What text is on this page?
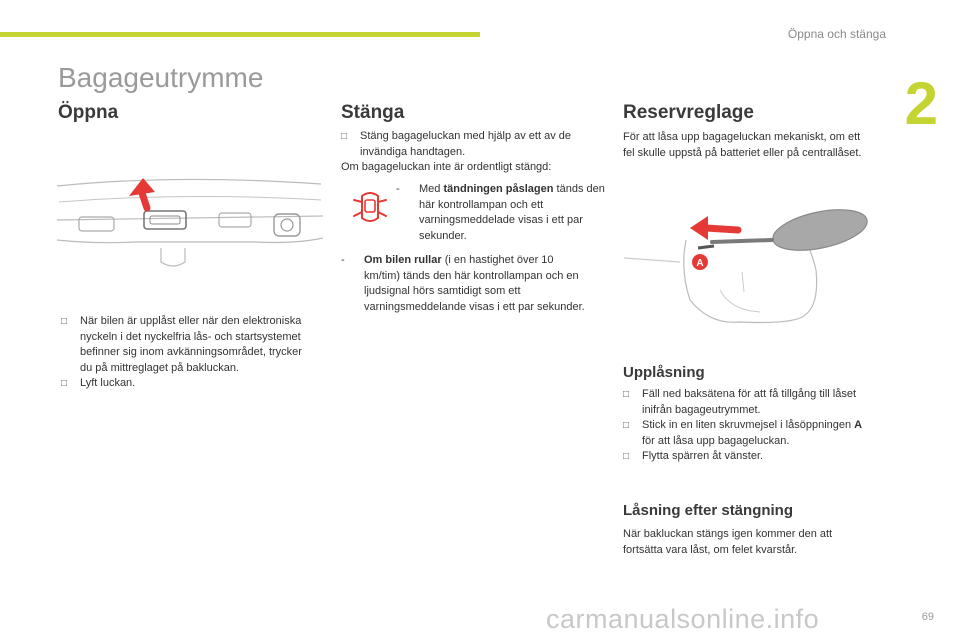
Öppna och stänga
2
Bagageutrymme
Öppna
□
När bilen är upplåst eller när den elektroniska nyckeln i det nyckelfria lås- och startsystemet befinner sig inom avkänningsområdet, trycker du på mittreglaget på bakluckan.
□
Lyft luckan.
Stänga
□
Stäng bagageluckan med hjälp av ett av de invändiga handtagen.
Om bagageluckan inte är ordentligt stängd:
- Med tändningen påslagen tänds den här kontrollampan och ett varningsmeddelade visas i ett par sekunder.
- Om bilen rullar (i en hastighet över 10 km/tim) tänds den här kontrollampan och en ljudsignal hörs samtidigt som ett varningsmeddelande visas i ett par sekunder.
Reservreglage
För att låsa upp bagageluckan mekaniskt, om ett fel skulle uppstå på batteriet eller på centrallåset.
A
Upplåsning
□
Fäll ned baksätena för att få tillgång till låset inifrån bagageutrymmet.
□
Stick in en liten skruvmejsel i låsöppningen A för att låsa upp bagageluckan.
□
Flytta spärren åt vänster.
Låsning efter stängning
När bakluckan stängs igen kommer den att fortsätta vara låst, om felet kvarstår.
carmanualsonline.info	69
